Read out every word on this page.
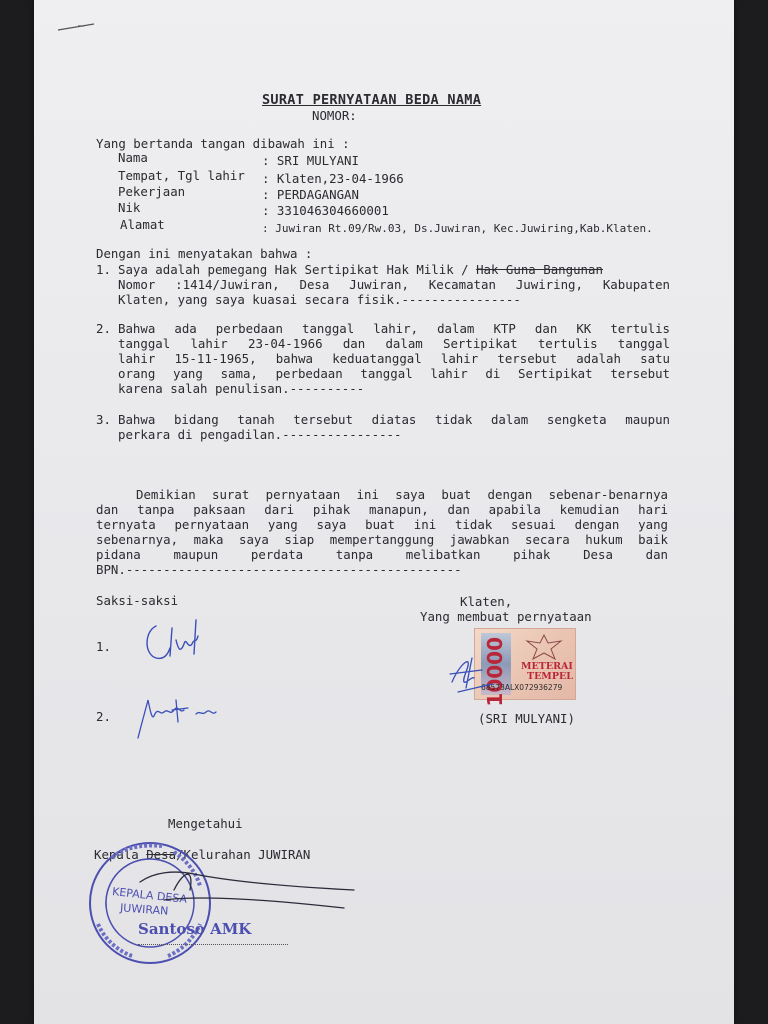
SURAT PERNYATAAN BEDA NAMA
NOMOR:
Yang bertanda tangan dibawah ini :
Nama	: SRI MULYANI
Tempat, Tgl lahir : Klaten,23-04-1966
Pekerjaan	: PERDAGANGAN
Nik	: 331046304660001
Alamat	: Juwiran Rt.09/Rw.03, Ds.Juwiran, Kec.Juwiring,Kab.Klaten.
Dengan ini menyatakan bahwa :
1. Saya adalah pemegang Hak Sertipikat Hak Milik / Hak Guna Bangunan
Nomor :1414/Juwiran, Desa Juwiran, Kecamatan Juwiring, Kabupaten
Klaten, yang saya kuasai secara fisik.----------------
2. Bahwa ada perbedaan tanggal lahir, dalam KTP dan KK tertulis
tanggal lahir 23-04-1966 dan dalam Sertipikat tertulis tanggal
lahir 15-11-1965, bahwa keduatanggal lahir tersebut adalah satu
orang yang sama, perbedaan tanggal lahir di Sertipikat tersebut
karena salah penulisan.----------
3. Bahwa bidang tanah tersebut diatas tidak dalam sengketa maupun
perkara di pengadilan.----------------
Demikian surat pernyataan ini saya buat dengan sebenar-benarnya
dan tanpa paksaan dari pihak manapun, dan apabila kemudian hari
ternyata pernyataan yang saya buat ini tidak sesuai dengan yang
sebenarnya, maka saya siap mempertanggung jawabkan secara hukum baik
pidana maupun perdata tanpa melibatkan pihak Desa dan
BPN.---------------------------------------------
Saksi-saksi
1.
2.
Klaten,
Yang membuat pernyataan
10000 METERAI
TEMPEL
68573ALX072936279
(SRI MULYANI)
Mengetahui
Kepala Desa/Kelurahan JUWIRAN
KEPALA DESA
JUWIRAN
Santoso AMK
